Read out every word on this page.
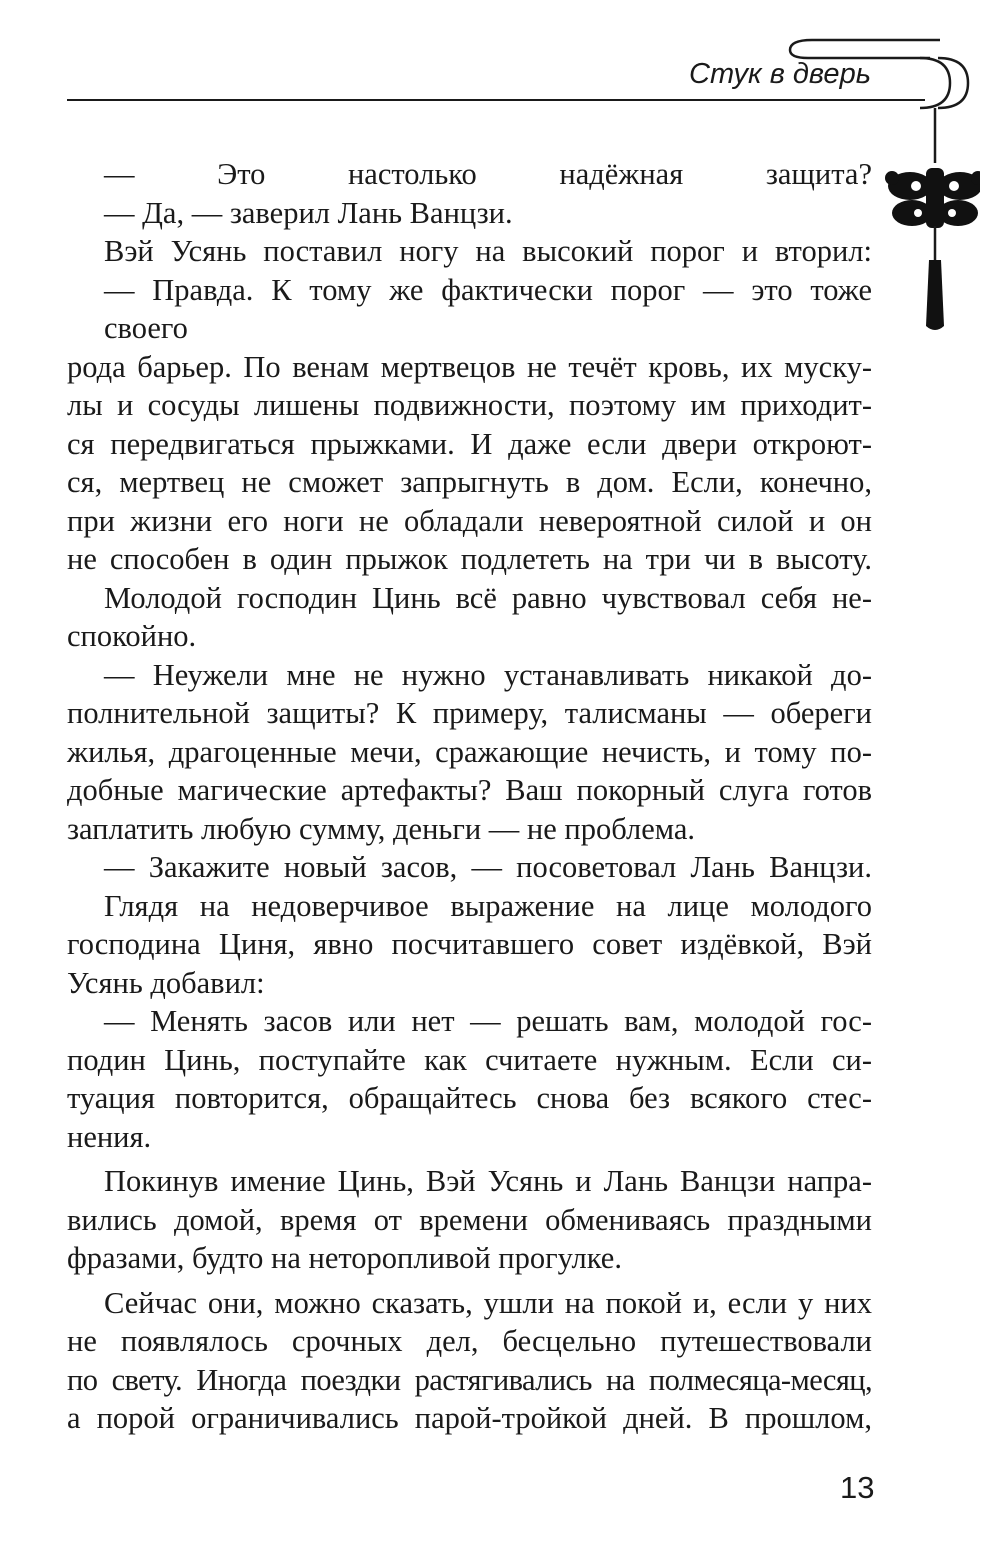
Стук в дверь
— Это настолько надёжная защита?
— Да, — заверил Лань Ванцзи.
Вэй Усянь поставил ногу на высокий порог и вторил:
— Правда. К тому же фактически порог — это тоже своего
рода барьер. По венам мертвецов не течёт кровь, их муску-
лы и сосуды лишены подвижности, поэтому им приходит-
ся передвигаться прыжками. И даже если двери откроют-
ся, мертвец не сможет запрыгнуть в дом. Если, конечно,
при жизни его ноги не обладали невероятной силой и он
не способен в один прыжок подлететь на три чи в высоту.
Молодой господин Цинь всё равно чувствовал себя не-
спокойно.
— Неужели мне не нужно устанавливать никакой до-
полнительной защиты? К примеру, талисманы — обереги
жилья, драгоценные мечи, сражающие нечисть, и тому по-
добные магические артефакты? Ваш покорный слуга готов
заплатить любую сумму, деньги — не проблема.
— Закажите новый засов, — посоветовал Лань Ванцзи.
Глядя на недоверчивое выражение на лице молодого
господина Циня, явно посчитавшего совет издёвкой, Вэй
Усянь добавил:
— Менять засов или нет — решать вам, молодой гос-
подин Цинь, поступайте как считаете нужным. Если си-
туация повторится, обращайтесь снова без всякого стес-
нения.
Покинув имение Цинь, Вэй Усянь и Лань Ванцзи напра-
вились домой, время от времени обмениваясь праздными
фразами, будто на неторопливой прогулке.
Сейчас они, можно сказать, ушли на покой и, если у них
не появлялось срочных дел, бесцельно путешествовали
по свету. Иногда поездки растягивались на полмесяца-месяц,
а порой ограничивались парой-тройкой дней. В прошлом,
13
